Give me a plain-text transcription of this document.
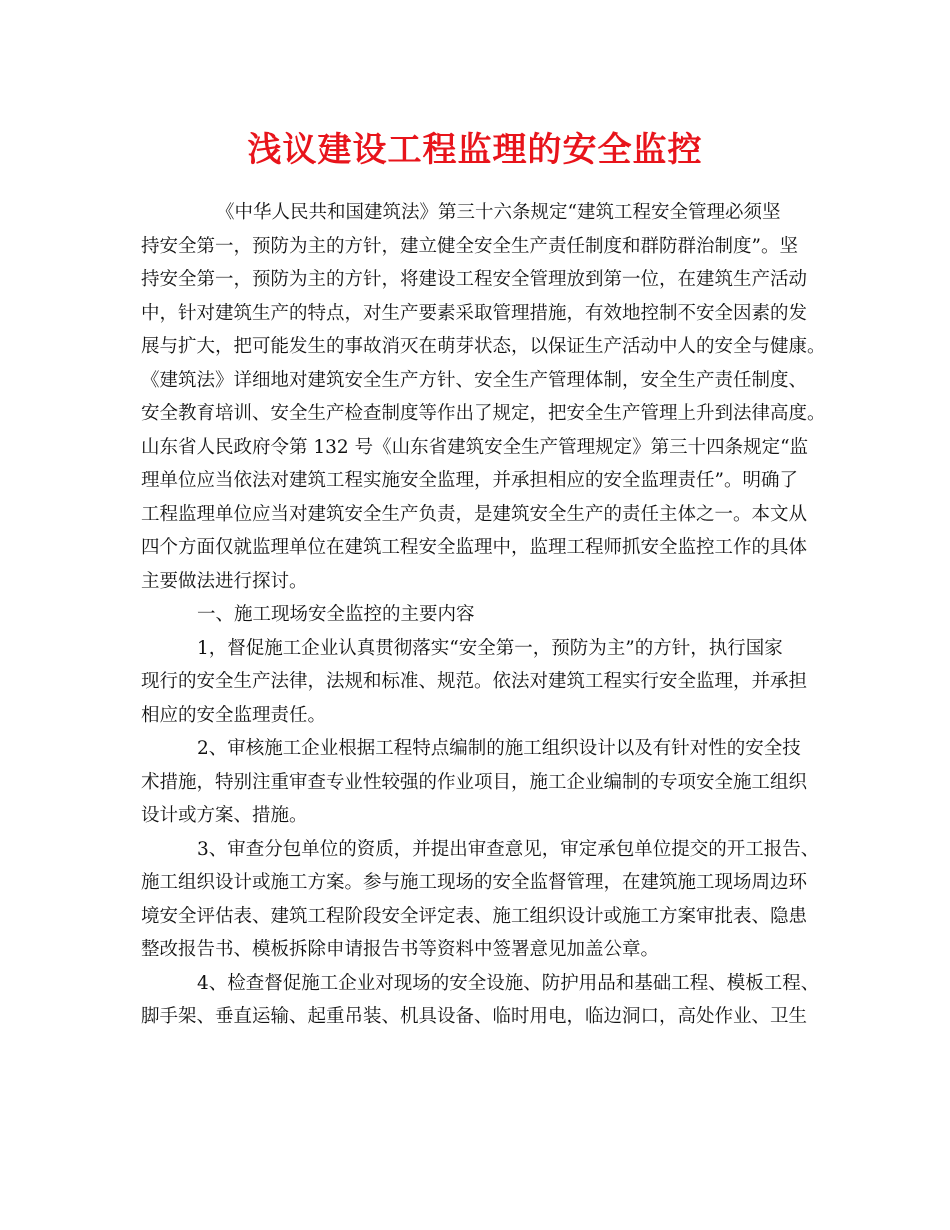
浅议建设工程监理的安全监控
《中华人民共和国建筑法》第三十六条规定“建筑工程安全管理必须坚
持安全第一，预防为主的方针，建立健全安全生产责任制度和群防群治制度”。坚
持安全第一，预防为主的方针，将建设工程安全管理放到第一位，在建筑生产活动
中，针对建筑生产的特点，对生产要素采取管理措施，有效地控制不安全因素的发
展与扩大，把可能发生的事故消灭在萌芽状态，以保证生产活动中人的安全与健康。
《建筑法》详细地对建筑安全生产方针、安全生产管理体制，安全生产责任制度、
安全教育培训、安全生产检查制度等作出了规定，把安全生产管理上升到法律高度。
山东省人民政府令第 132 号《山东省建筑安全生产管理规定》第三十四条规定“监
理单位应当依法对建筑工程实施安全监理，并承担相应的安全监理责任”。明确了
工程监理单位应当对建筑安全生产负责，是建筑安全生产的责任主体之一。本文从
四个方面仅就监理单位在建筑工程安全监理中，监理工程师抓安全监控工作的具体
主要做法进行探讨。
一、施工现场安全监控的主要内容
1，督促施工企业认真贯彻落实“安全第一，预防为主”的方针，执行国家
现行的安全生产法律，法规和标准、规范。依法对建筑工程实行安全监理，并承担
相应的安全监理责任。
2、审核施工企业根据工程特点编制的施工组织设计以及有针对性的安全技
术措施，特别注重审查专业性较强的作业项目，施工企业编制的专项安全施工组织
设计或方案、措施。
3、审查分包单位的资质，并提出审查意见，审定承包单位提交的开工报告、
施工组织设计或施工方案。参与施工现场的安全监督管理，在建筑施工现场周边环
境安全评估表、建筑工程阶段安全评定表、施工组织设计或施工方案审批表、隐患
整改报告书、模板拆除申请报告书等资料中签署意见加盖公章。
4、检查督促施工企业对现场的安全设施、防护用品和基础工程、模板工程、
脚手架、垂直运输、起重吊装、机具设备、临时用电，临边洞口，高处作业、卫生
